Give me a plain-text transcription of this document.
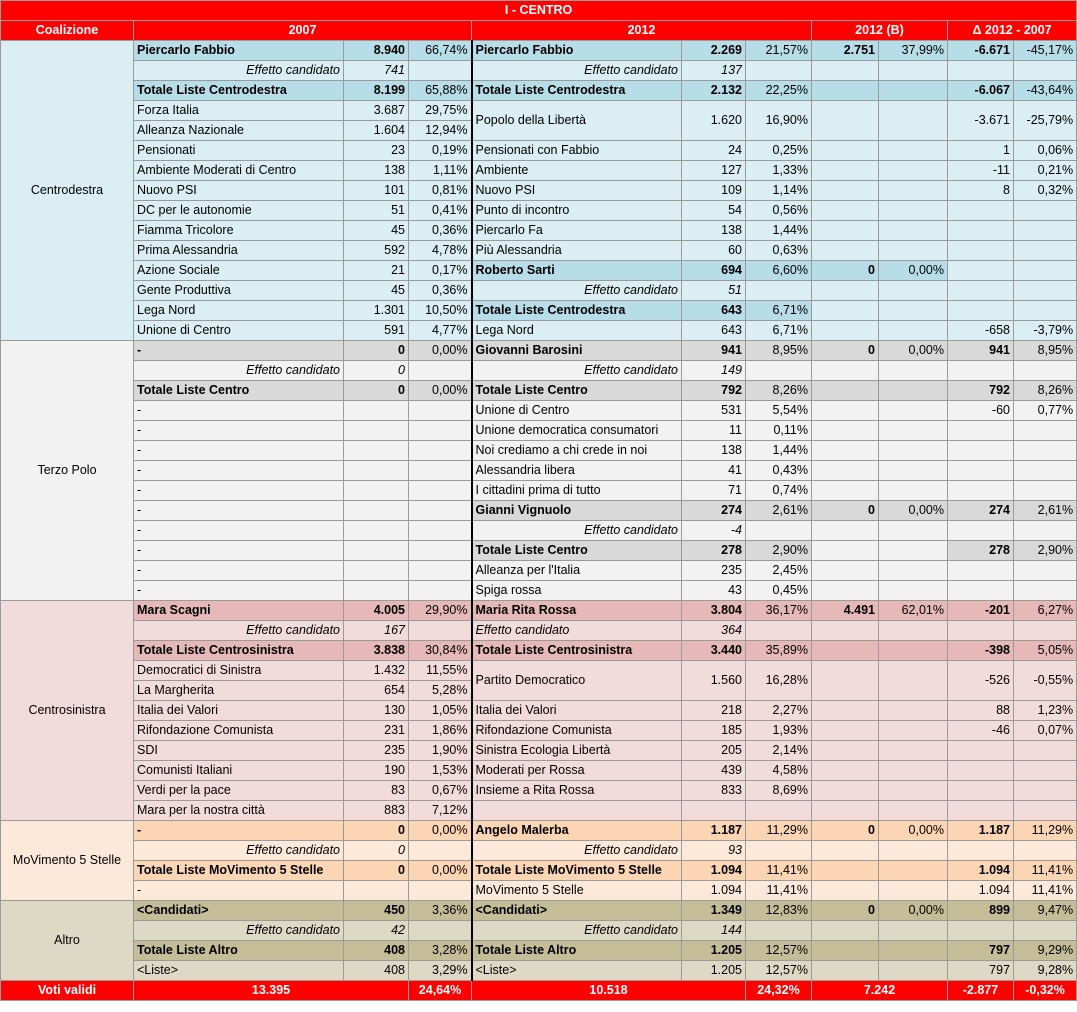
I - CENTRO										
Coalizione	2007			2012			2012 (B)		Δ 2012 - 2007	
Centrodestra	Piercarlo Fabbio	8.940	66,74%	Piercarlo Fabbio	2.269	21,57%	2.751	37,99%	-6.671	-45,17%
	Effetto candidato	741		Effetto candidato	137					
	Totale Liste Centrodestra	8.199	65,88%	Totale Liste Centrodestra	2.132	22,25%			-6.067	-43,64%
	Forza Italia	3.687	29,75%	Popolo della Libertà	1.620	16,90%			-3.671	-25,79%
	Alleanza Nazionale	1.604	12,94%							
	Pensionati	23	0,19%	Pensionati con Fabbio	24	0,25%			1	0,06%
	Ambiente Moderati di Centro	138	1,11%	Ambiente	127	1,33%			-11	0,21%
	Nuovo PSI	101	0,81%	Nuovo PSI	109	1,14%			8	0,32%
	DC per le autonomie	51	0,41%	Punto di incontro	54	0,56%				
	Fiamma Tricolore	45	0,36%	Piercarlo Fa	138	1,44%				
	Prima Alessandria	592	4,78%	Più Alessandria	60	0,63%				
	Azione Sociale	21	0,17%	Roberto Sarti	694	6,60%	0	0,00%		
	Gente Produttiva	45	0,36%	Effetto candidato	51					
	Lega Nord	1.301	10,50%	Totale Liste Centrodestra	643	6,71%				
	Unione di Centro	591	4,77%	Lega Nord	643	6,71%			-658	-3,79%
Terzo Polo	-	0	0,00%	Giovanni Barosini	941	8,95%	0	0,00%	941	8,95%
	Effetto candidato	0		Effetto candidato	149					
	Totale Liste Centro	0	0,00%	Totale Liste Centro	792	8,26%			792	8,26%
	-			Unione di Centro	531	5,54%			-60	0,77%
	-			Unione democratica consumatori	11	0,11%				
	-			Noi crediamo a chi crede in noi	138	1,44%				
	-			Alessandria libera	41	0,43%				
	-			I cittadini prima di tutto	71	0,74%				
	-			Gianni Vignuolo	274	2,61%	0	0,00%	274	2,61%
	-			Effetto candidato	-4					
	-			Totale Liste Centro	278	2,90%			278	2,90%
	-			Alleanza per l'Italia	235	2,45%				
	-			Spiga rossa	43	0,45%				
Centrosinistra	Mara Scagni	4.005	29,90%	Maria Rita Rossa	3.804	36,17%	4.491	62,01%	-201	6,27%
	Effetto candidato	167		Effetto candidato	364					
	Totale Liste Centrosinistra	3.838	30,84%	Totale Liste Centrosinistra	3.440	35,89%			-398	5,05%
	Democratici di Sinistra	1.432	11,55%	Partito Democratico	1.560	16,28%			-526	-0,55%
	La Margherita	654	5,28%							
	Italia dei Valori	130	1,05%	Italia dei Valori	218	2,27%			88	1,23%
	Rifondazione Comunista	231	1,86%	Rifondazione Comunista	185	1,93%			-46	0,07%
	SDI	235	1,90%	Sinistra Ecologia Libertà	205	2,14%				
	Comunisti Italiani	190	1,53%	Moderati per Rossa	439	4,58%				
	Verdi per la pace	83	0,67%	Insieme a Rita Rossa	833	8,69%				
	Mara per la nostra città	883	7,12%							
MoVimento 5 Stelle	-	0	0,00%	Angelo Malerba	1.187	11,29%	0	0,00%	1.187	11,29%
	Effetto candidato	0		Effetto candidato	93					
	Totale Liste MoVimento 5 Stelle	0	0,00%	Totale Liste MoVimento 5 Stelle	1.094	11,41%			1.094	11,41%
	-			MoVimento 5 Stelle	1.094	11,41%			1.094	11,41%
Altro	<Candidati>	450	3,36%	<Candidati>	1.349	12,83%	0	0,00%	899	9,47%
	Effetto candidato	42		Effetto candidato	144					
	Totale Liste Altro	408	3,28%	Totale Liste Altro	1.205	12,57%			797	9,29%
	<Liste>	408	3,29%	<Liste>	1.205	12,57%			797	9,28%
Voti validi	13.395		24,64%	10.518		24,32%	7.242		-2.877	-0,32%
